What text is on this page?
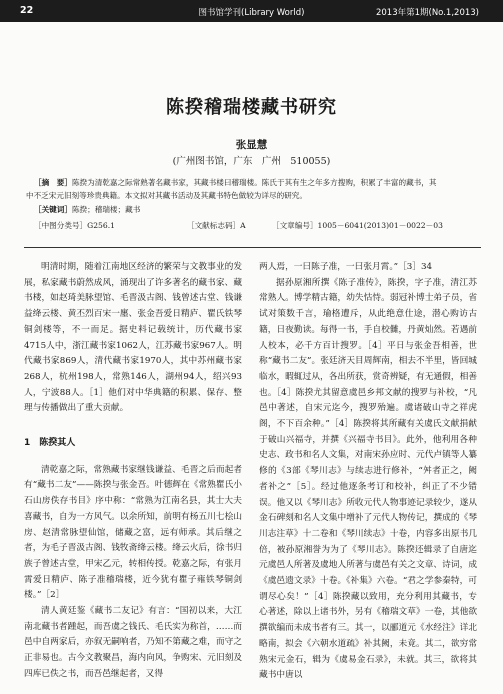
22	图书馆学刊(Library World)	2013年第1期(No.1,2013)
陈揆稽瑞楼藏书研究
张显慧
(广州图书馆，广东　广州　510055)
［摘　要］陈揆为清乾嘉之际常熟著名藏书家，其藏书楼曰稽瑞楼。陈氏于其有生之年多方搜购，积累了丰富的藏书，其
中不乏宋元旧刻等珍贵典籍。本文拟对其藏书活动及其藏书特色做较为详尽的研究。
［关键词］陈揆；稽瑞楼；藏书
［中图分类号］G256.1	［文献标志码］A	［文章编号］1005－6041(2013)01－0022－03

明清时期，随着江南地区经济的繁荣与文教事业的发展，私家藏书蔚然成风，涌现出了许多著名的藏书家、藏书楼，如赵琦美脉望馆、毛晋汲古阁、钱曾述古堂、钱谦益绛云楼、黄丕烈百宋一廛、张金吾爱日精庐、瞿氏铁琴铜剑楼等，不一而足。据史料记载统计，历代藏书家4715人中，浙江藏书家1062人，江苏藏书家967人。明代藏书家869人，清代藏书家1970人，其中苏州藏书家268人，杭州198人，常熟146人，湖州94人，绍兴93人，宁波88人。［1］他们对中华典籍的积累、保存、整理与传播做出了重大贡献。

1　陈揆其人

清乾嘉之际，常熟藏书家继钱谦益、毛晋之后而起者有“藏书二友”——陈揆与张金吾。叶德辉在《常熟瞿氏小石山房佚存书目》序中称：“常熟为江南名县，其士大夫喜藏书，自为一方风气。以余所知，前明有杨五川七桧山房、赵清常脉望仙馆，储藏之富，远有师承。其后继之者，为毛子晋汲古阁、钱牧斋绛云楼。绛云火后，徐书归族子曾述古堂，甲宋乙元，转相传授。乾嘉之际，有张月霄爱日精庐、陈子准稽瑞楼，近今犹有瞿子雍铁琴铜剑楼。”［2］

清人黄廷鉴《藏书二友记》有言：“国初以来，大江南北藏书者踵起，而吾虞之钱氏、毛氏实为称首，……而邑中自两家后，亦叙无嗣响者，乃知不第藏之难，而守之正非易也。古今文教聚昌，海内向风，争购宋、元旧刻及四库已佚之书，而吾邑继起者，又得

两人焉，一曰陈子准，一曰张月霄。”［3］34

据孙原湘所撰《陈子准传》，陈揆，字子准，清江苏常熟人。博学精古籍，幼失怙恃。弱冠补博士弟子员，省试对策数千言，瑜格遭斥，从此绝意仕途，潜心购访古籍，日夜勤读。每得一书，手自校雠，丹黄灿然。若遇前人校本，必千方百计搜罗。［4］平日与张金吾相善，世称“藏书二友”。张廷济天目周辉南，相去不半里，皆回城临水，暇辄过从，各出所获，赏奇辨疑，有无通假，相善也。［4］陈揆尤其留意虞邑乡邦文献的搜罗与补校，“凡邑中著述，自宋元迄今，搜罗殆遍。虞诸破山寺之祥虎阁，不下百余种。”［4］陈揆将其所藏有关虞氏文献捐献于破山兴福寺，并撰《兴福寺书目》。此外，他利用各种史志、政书和名人文集，对南宋孙应时、元代卢镇等人纂修的《3部《琴川志》与续志进行修补，“舛者正之，阙者补之”［5］。经过他逐条考订和校补，纠正了不少错误。他又以《琴川志》所收元代人物事迹记录较少，遂从金石碑刻和名人文集中增补了元代人物传记，撰成的《琴川志注草》十二卷和《琴川续志》十卷，内容多出原书几倍，被孙原湘誉为为了《琴川志》。陈揆还辑录了自唐迄元虞邑人所著及虞地人所著与虞邑有关之文章、诗词，成《虞邑遗文录》十卷。《补集》六卷。“君之学参秦特，可谓尽心矣！”［4］陈揆藏以致用，充分利用其藏书，专心著述，除以上诸书外，另有《稽瑞文草》一卷，其他欲撰欲编而未成书者有三。其一，以郦道元《水经注》详北略南，拟会《六朝水道疏》补其阙，未竟。其二，欲穷常熟宋元金石，辑为《虞易金石录》，未就。其三，欲将其藏书中唐以
